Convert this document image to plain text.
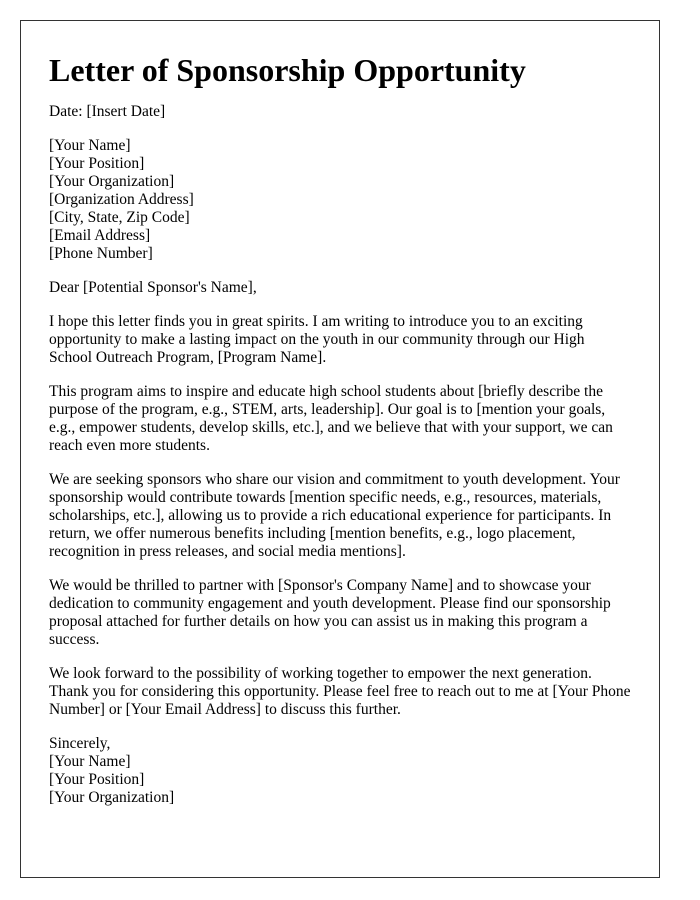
Letter of Sponsorship Opportunity
Date: [Insert Date]
[Your Name]
[Your Position]
[Your Organization]
[Organization Address]
[City, State, Zip Code]
[Email Address]
[Phone Number]
Dear [Potential Sponsor's Name],

I hope this letter finds you in great spirits. I am writing to introduce you to an exciting opportunity to make a lasting impact on the youth in our community through our High School Outreach Program, [Program Name].

This program aims to inspire and educate high school students about [briefly describe the purpose of the program, e.g., STEM, arts, leadership]. Our goal is to [mention your goals, e.g., empower students, develop skills, etc.], and we believe that with your support, we can reach even more students.

We are seeking sponsors who share our vision and commitment to youth development. Your sponsorship would contribute towards [mention specific needs, e.g., resources, materials, scholarships, etc.], allowing us to provide a rich educational experience for participants. In return, we offer numerous benefits including [mention benefits, e.g., logo placement, recognition in press releases, and social media mentions].

We would be thrilled to partner with [Sponsor's Company Name] and to showcase your dedication to community engagement and youth development. Please find our sponsorship proposal attached for further details on how you can assist us in making this program a success.

We look forward to the possibility of working together to empower the next generation. Thank you for considering this opportunity. Please feel free to reach out to me at [Your Phone Number] or [Your Email Address] to discuss this further.

Sincerely,
[Your Name]
[Your Position]
[Your Organization]
